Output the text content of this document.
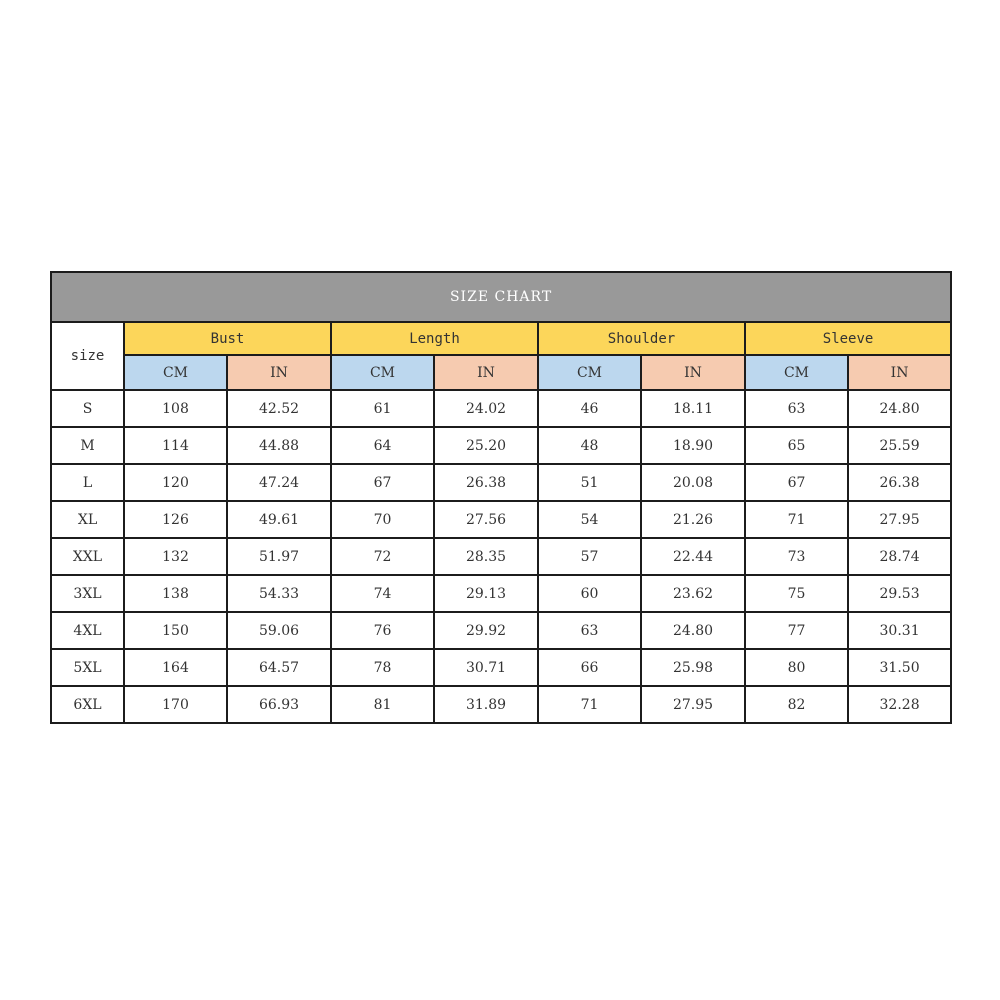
SIZE CHART								
size	Bust		Length		Shoulder		Sleeve	
	CM	IN	CM	IN	CM	IN	CM	IN
S	108	42.52	61	24.02	46	18.11	63	24.80
M	114	44.88	64	25.20	48	18.90	65	25.59
L	120	47.24	67	26.38	51	20.08	67	26.38
XL	126	49.61	70	27.56	54	21.26	71	27.95
XXL	132	51.97	72	28.35	57	22.44	73	28.74
3XL	138	54.33	74	29.13	60	23.62	75	29.53
4XL	150	59.06	76	29.92	63	24.80	77	30.31
5XL	164	64.57	78	30.71	66	25.98	80	31.50
6XL	170	66.93	81	31.89	71	27.95	82	32.28
